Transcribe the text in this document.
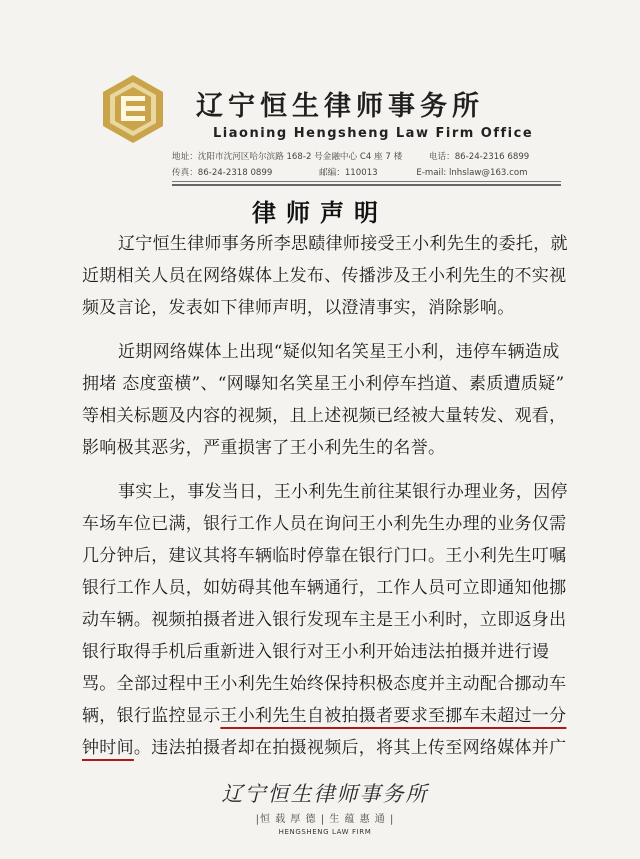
辽宁恒生律师事务所
Liaoning Hengsheng Law Firm Office
地址：沈阳市沈河区哈尔滨路 168-2 号金融中心 C4 座 7 楼	电话：86-24-2316 6899
传真：86-24-2318 0899	邮编：110013	E-mail: lnhslaw@163.com
律师声明
辽宁恒生律师事务所李思赜律师接受王小利先生的委托，就
近期相关人员在网络媒体上发布、传播涉及王小利先生的不实视
频及言论，发表如下律师声明，以澄清事实，消除影响。
近期网络媒体上出现“疑似知名笑星王小利，违停车辆造成
拥堵 态度蛮横”、“网曝知名笑星王小利停车挡道、素质遭质疑”
等相关标题及内容的视频，且上述视频已经被大量转发、观看，
影响极其恶劣，严重损害了王小利先生的名誉。
事实上，事发当日，王小利先生前往某银行办理业务，因停
车场车位已满，银行工作人员在询问王小利先生办理的业务仅需
几分钟后，建议其将车辆临时停靠在银行门口。王小利先生叮嘱
银行工作人员，如妨碍其他车辆通行，工作人员可立即通知他挪
动车辆。视频拍摄者进入银行发现车主是王小利时，立即返身出
银行取得手机后重新进入银行对王小利开始违法拍摄并进行谩
骂。全部过程中王小利先生始终保持积极态度并主动配合挪动车
辆，银行监控显示王小利先生自被拍摄者要求至挪车未超过一分
钟时间。违法拍摄者却在拍摄视频后，将其上传至网络媒体并广
辽宁恒生律师事务所
|恒 载 厚 德 | 生 蕴 惠 通 |
HENGSHENG LAW FIRM
